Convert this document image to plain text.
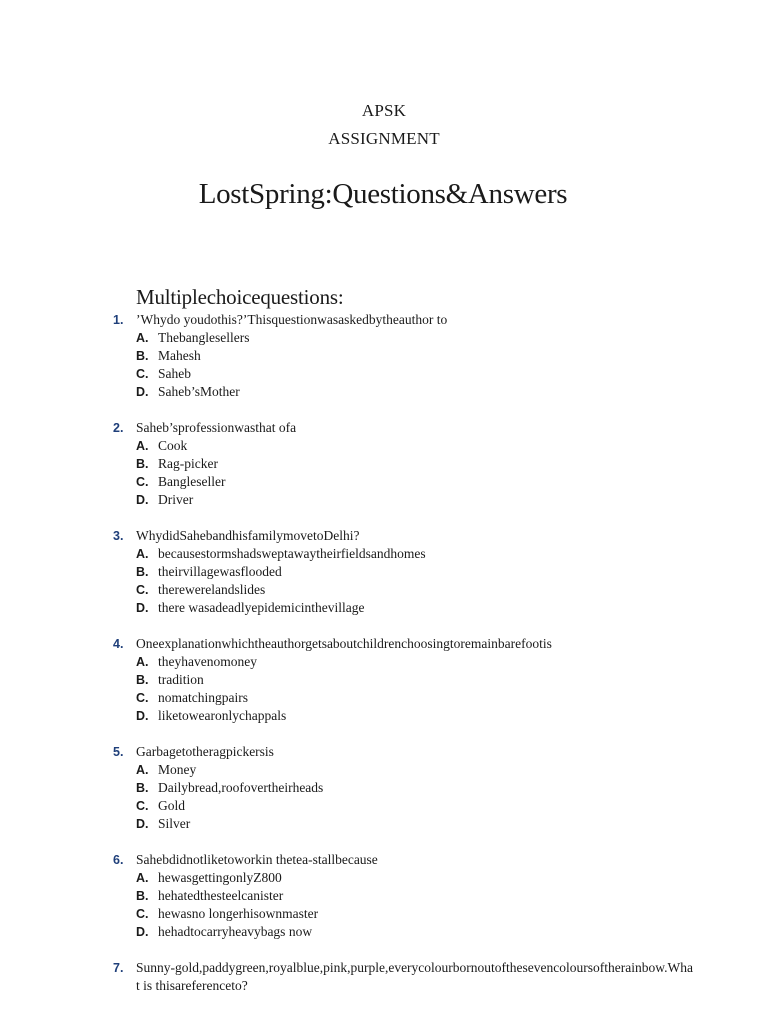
APSK
ASSIGNMENT
LostSpring:Questions&Answers
Multiplechoicequestions:
1. ’Whydo youdothis?’Thisquestionwasaskedbytheauthor to
A. Thebanglesellers
B. Mahesh
C. Saheb
D. Saheb’sMother
2. Saheb’sprofessionwasthat ofa
A. Cook
B. Rag-picker
C. Bangleseller
D. Driver
3. WhydidSahebandhisfamilymovetoDelhi?
A. becausestormshadsweptawaytheirfieldsandhomes
B. theirvillagewasflooded
C. therewerelandslides
D. there wasadeadlyepidemicinthevillage
4. Oneexplanationwhichtheauthorgetsaboutchildrenchoosingtoremainbarefootis
A. theyhavenomoney
B. tradition
C. nomatchingpairs
D. liketowearonlychappals
5. Garbagetotheragpickersis
A. Money
B. Dailybread,roofovertheirheads
C. Gold
D. Silver
6. Sahebdidnotliketoworkin thetea-stallbecause
A. hewasgettingonlyZ800
B. hehatedthesteelcanister
C. hewasno longerhisownmaster
D. hehadtocarryheavybags now
7. Sunny-gold,paddygreen,royalblue,pink,purple,everycolourbornoutofthesevencoloursoftherainbow.What is thisareferenceto?
